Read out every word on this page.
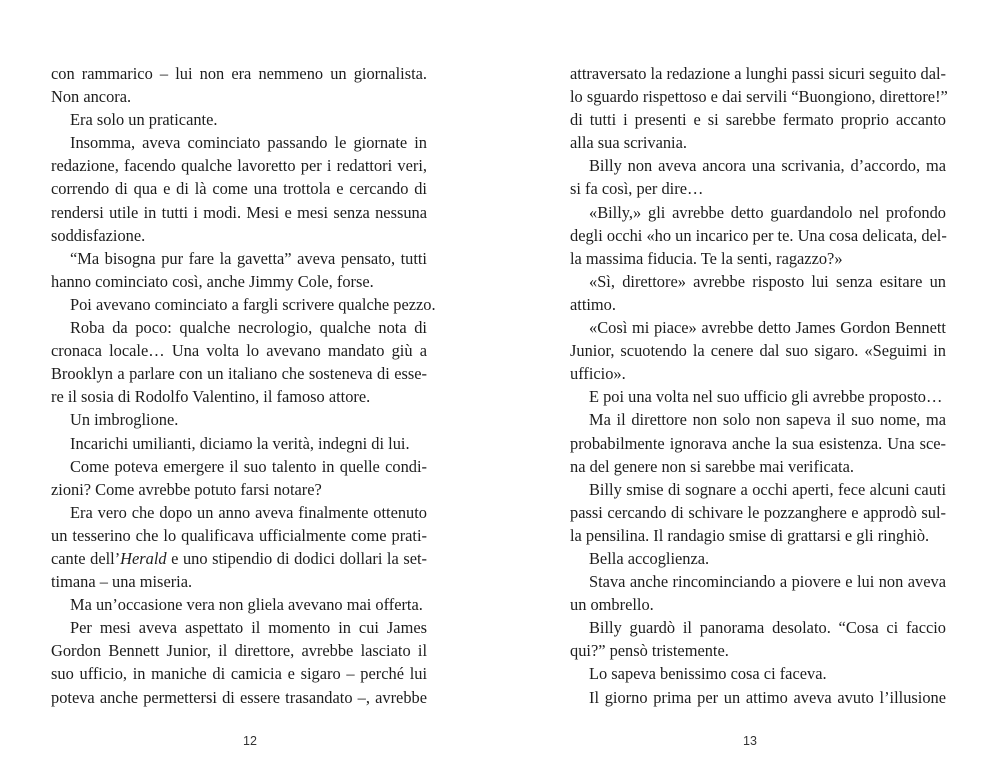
con rammarico – lui non era nemmeno un giornalista.
Non ancora.
Era solo un praticante.
Insomma, aveva cominciato passando le giornate in
redazione, facendo qualche lavoretto per i redattori veri,
correndo di qua e di là come una trottola e cercando di
rendersi utile in tutti i modi. Mesi e mesi senza nessuna
soddisfazione.
“Ma bisogna pur fare la gavetta” aveva pensato, tutti
hanno cominciato così, anche Jimmy Cole, forse.
Poi avevano cominciato a fargli scrivere qualche pezzo.
Roba da poco: qualche necrologio, qualche nota di
cronaca locale… Una volta lo avevano mandato giù a
Brooklyn a parlare con un italiano che sosteneva di esse-
re il sosia di Rodolfo Valentino, il famoso attore.
Un imbroglione.
Incarichi umilianti, diciamo la verità, indegni di lui.
Come poteva emergere il suo talento in quelle condi-
zioni? Come avrebbe potuto farsi notare?
Era vero che dopo un anno aveva finalmente ottenuto
un tesserino che lo qualificava ufficialmente come prati-
cante dell’Herald e uno stipendio di dodici dollari la set-
timana – una miseria.
Ma un’occasione vera non gliela avevano mai offerta.
Per mesi aveva aspettato il momento in cui James
Gordon Bennett Junior, il direttore, avrebbe lasciato il
suo ufficio, in maniche di camicia e sigaro – perché lui
poteva anche permettersi di essere trasandato –, avrebbe
12
attraversato la redazione a lunghi passi sicuri seguito dal-
lo sguardo rispettoso e dai servili “Buongiono, direttore!”
di tutti i presenti e si sarebbe fermato proprio accanto
alla sua scrivania.
Billy non aveva ancora una scrivania, d’accordo, ma
si fa così, per dire…
«Billy,» gli avrebbe detto guardandolo nel profondo
degli occhi «ho un incarico per te. Una cosa delicata, del-
la massima fiducia. Te la senti, ragazzo?»
«Sì, direttore» avrebbe risposto lui senza esitare un
attimo.
«Così mi piace» avrebbe detto James Gordon Bennett
Junior, scuotendo la cenere dal suo sigaro. «Seguimi in
ufficio».
E poi una volta nel suo ufficio gli avrebbe proposto…
Ma il direttore non solo non sapeva il suo nome, ma
probabilmente ignorava anche la sua esistenza. Una sce-
na del genere non si sarebbe mai verificata.
Billy smise di sognare a occhi aperti, fece alcuni cauti
passi cercando di schivare le pozzanghere e approdò sul-
la pensilina. Il randagio smise di grattarsi e gli ringhiò.
Bella accoglienza.
Stava anche rincominciando a piovere e lui non aveva
un ombrello.
Billy guardò il panorama desolato. “Cosa ci faccio
qui?” pensò tristemente.
Lo sapeva benissimo cosa ci faceva.
Il giorno prima per un attimo aveva avuto l’illusione
13
